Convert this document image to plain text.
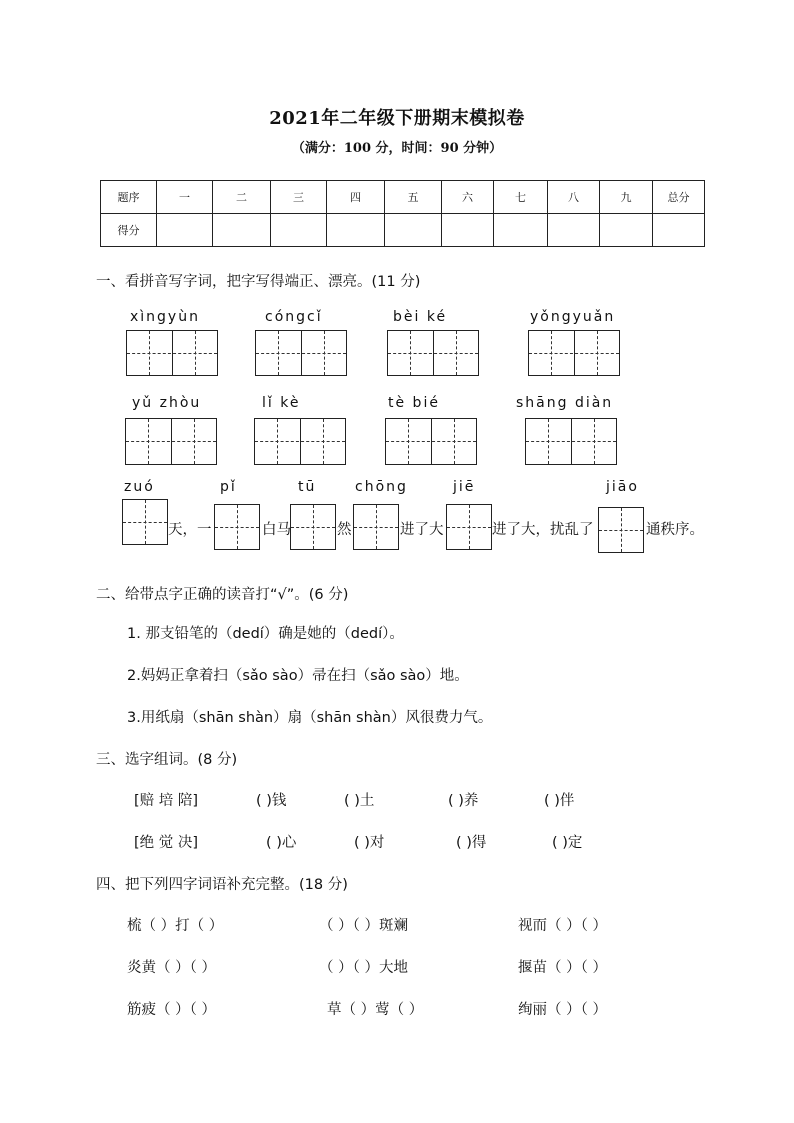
2021年二年级下册期末模拟卷
（满分：100 分，时间：90 分钟）
题序	一	二	三	四	五	六	七	八	九	总分
得分										
一、看拼音写字词，把字写得端正、漂亮。(11 分)
xìngyùn	cóngcǐ	bèi ké	yǒngyuǎn
yǔ zhòu	lǐ kè	tè bié	shāng diàn
zuó	pǐ	tū	chōng	jiē	jiāo
天，一	白马	然	进了大	进了大，扰乱了	通秩序。
二、给带点字正确的读音打“√”。(6 分)
1. 那支铅笔的（dedí）确是她的（dedí）。
2.妈妈正拿着扫（sǎo sào）帚在扫（sǎo sào）地。
3.用纸扇（shān shàn）扇（shān shàn）风很费力气。
三、选字组词。(8 分)
[赔 培 陪]	( )钱	( )土	( )养	( )伴
[绝 觉 决]	( )心	( )对	( )得	( )定
四、把下列四字词语补充完整。(18 分)
梳（ ）打（ ）	（ ）（ ）斑斓	视而（ ）（ ）
炎黄（ ）（ ）	（ ）（ ）大地	揠苗（ ）（ ）
筋疲（ ）（ ）	草（ ）莺（ ）	绚丽（ ）（ ）
